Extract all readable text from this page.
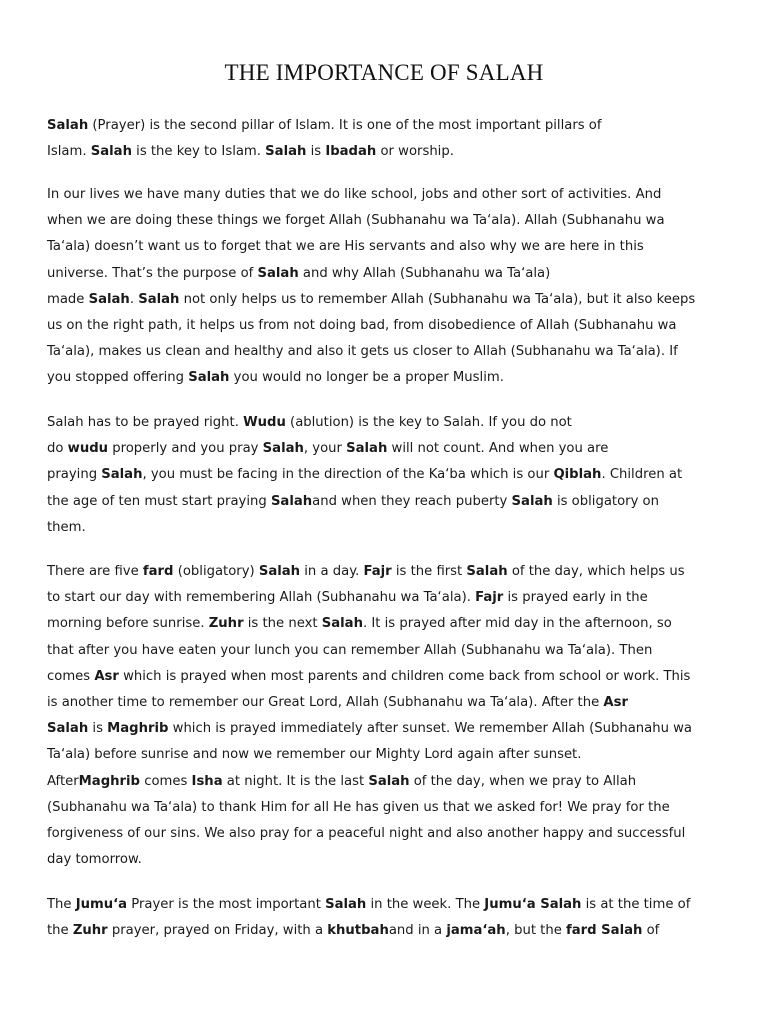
THE IMPORTANCE OF SALAH
Salah (Prayer) is the second pillar of Islam. It is one of the most important pillars of
Islam. Salah is the key to Islam. Salah is Ibadah or worship.
In our lives we have many duties that we do like school, jobs and other sort of activities. And
when we are doing these things we forget Allah (Subhanahu wa Ta‘ala). Allah (Subhanahu wa
Ta‘ala) doesn’t want us to forget that we are His servants and also why we are here in this
universe. That’s the purpose of Salah and why Allah (Subhanahu wa Ta‘ala)
made Salah. Salah not only helps us to remember Allah (Subhanahu wa Ta‘ala), but it also keeps
us on the right path, it helps us from not doing bad, from disobedience of Allah (Subhanahu wa
Ta‘ala), makes us clean and healthy and also it gets us closer to Allah (Subhanahu wa Ta‘ala). If
you stopped offering Salah you would no longer be a proper Muslim.
Salah has to be prayed right. Wudu (ablution) is the key to Salah. If you do not
do wudu properly and you pray Salah, your Salah will not count. And when you are
praying Salah, you must be facing in the direction of the Ka‘ba which is our Qiblah. Children at
the age of ten must start praying Salahand when they reach puberty Salah is obligatory on
them.
There are five fard (obligatory) Salah in a day. Fajr is the first Salah of the day, which helps us
to start our day with remembering Allah (Subhanahu wa Ta‘ala). Fajr is prayed early in the
morning before sunrise. Zuhr is the next Salah. It is prayed after mid day in the afternoon, so
that after you have eaten your lunch you can remember Allah (Subhanahu wa Ta‘ala). Then
comes Asr which is prayed when most parents and children come back from school or work. This
is another time to remember our Great Lord, Allah (Subhanahu wa Ta‘ala). After the Asr
Salah is Maghrib which is prayed immediately after sunset. We remember Allah (Subhanahu wa
Ta‘ala) before sunrise and now we remember our Mighty Lord again after sunset.
AfterMaghrib comes Isha at night. It is the last Salah of the day, when we pray to Allah
(Subhanahu wa Ta‘ala) to thank Him for all He has given us that we asked for! We pray for the
forgiveness of our sins. We also pray for a peaceful night and also another happy and successful
day tomorrow.
The Jumu‘a Prayer is the most important Salah in the week. The Jumu‘a Salah is at the time of
the Zuhr prayer, prayed on Friday, with a khutbahand in a jama‘ah, but the fard Salah of
